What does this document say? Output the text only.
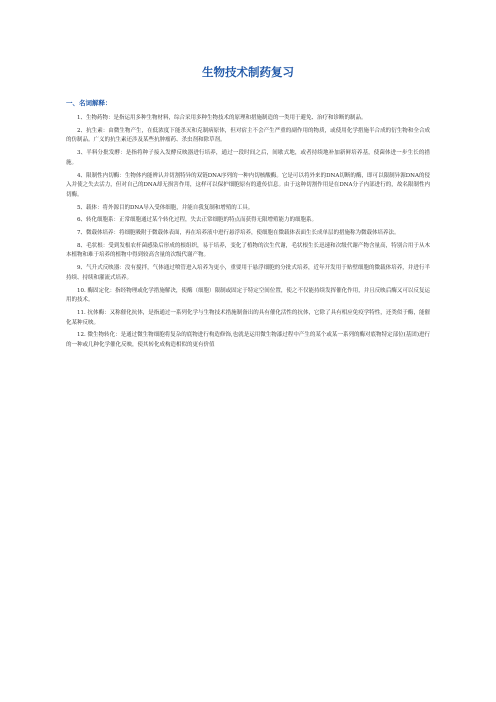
生物技术制药复习
一、名词解释：

1、生物药物：是指运用多种生物材料，综合采用多种生物技术的原理和措施制造的一类用于避免、治疗和诊断的制品。

2、抗生素：由微生物产生，在低浓度下能杀灭和克制病原体，但对宿主不会产生严重的副作用的物质，或使用化学措施半合成的衍生物和全合成的仿制品。广义的抗生素还涉及某些抗肿瘤药、杀虫剂和除草剂。

3、半料分批发酵：是指将种子接入发酵反映器进行培养，通过一段时间之后，间歇式地，或者持续地补加新鲜培养基，使菌体进一步生长的措施。

4、限制性内切酶：生物体内能辨认并切割特异的双链DNA序列的一种内切核酸酶。它是可以将外来的DNA切断的酶，即可以限制异源DNA的侵入并使之失去活力，但对自己的DNA却无损害作用，这样可以保护细胞原有的遗传信息。由于这种切割作用是在DNA分子内部进行的，故名限制性内切酶。

5、载体：将外源目的DNA导入受体细胞，并能自我复制和增殖的工具。

6、转化细胞系：正常细胞通过某个转化过程，失去正常细胞的特点而获得无限增殖能力的细胞系。

7、微载体培养：将细胞吸附于微载体表面，再在培养液中进行悬浮培养，使细胞在微载体表面生长成单层的措施称为微载体培养法。

8、毛状根：受到发根农杆菌感染后形成的根组织，易于培养，变化了植物的次生代谢，毛状根生长迅速和次级代谢产物含量高，特别合用于从木本植物和难于培养的植物中得到较高含量的次级代谢产物。

9、气升式反映器：没有搅拌，气体通过喷管进入培养为更小，重要用于悬浮细胞的分批式培养，近年开发用于贴壁细胞的微载体培养，并进行半持续、持续和灌流式培养。

10. 酶固定化：指经物理或化学措施解决，使酶（细胞）限制或固定于特定空间位置，使之不仅能持续发挥催化作用，并且反映后酶又可以反复运用的技术。

11. 抗体酶：又称催化抗体，是指通过一系列化学与生物技术措施制备出的具有催化活性的抗体，它除了具有相应免疫学特性，还类似于酶，能催化某种反映。

12. 微生物转化：是通过微生物细胞将复杂的底物进行构造修饰,也就是运用微生物漆过程中产生的某个或某一系列的酶对底物特定部位(基团)进行的一种或几种化学催化反映，使其转化成构造相似的更有价值
